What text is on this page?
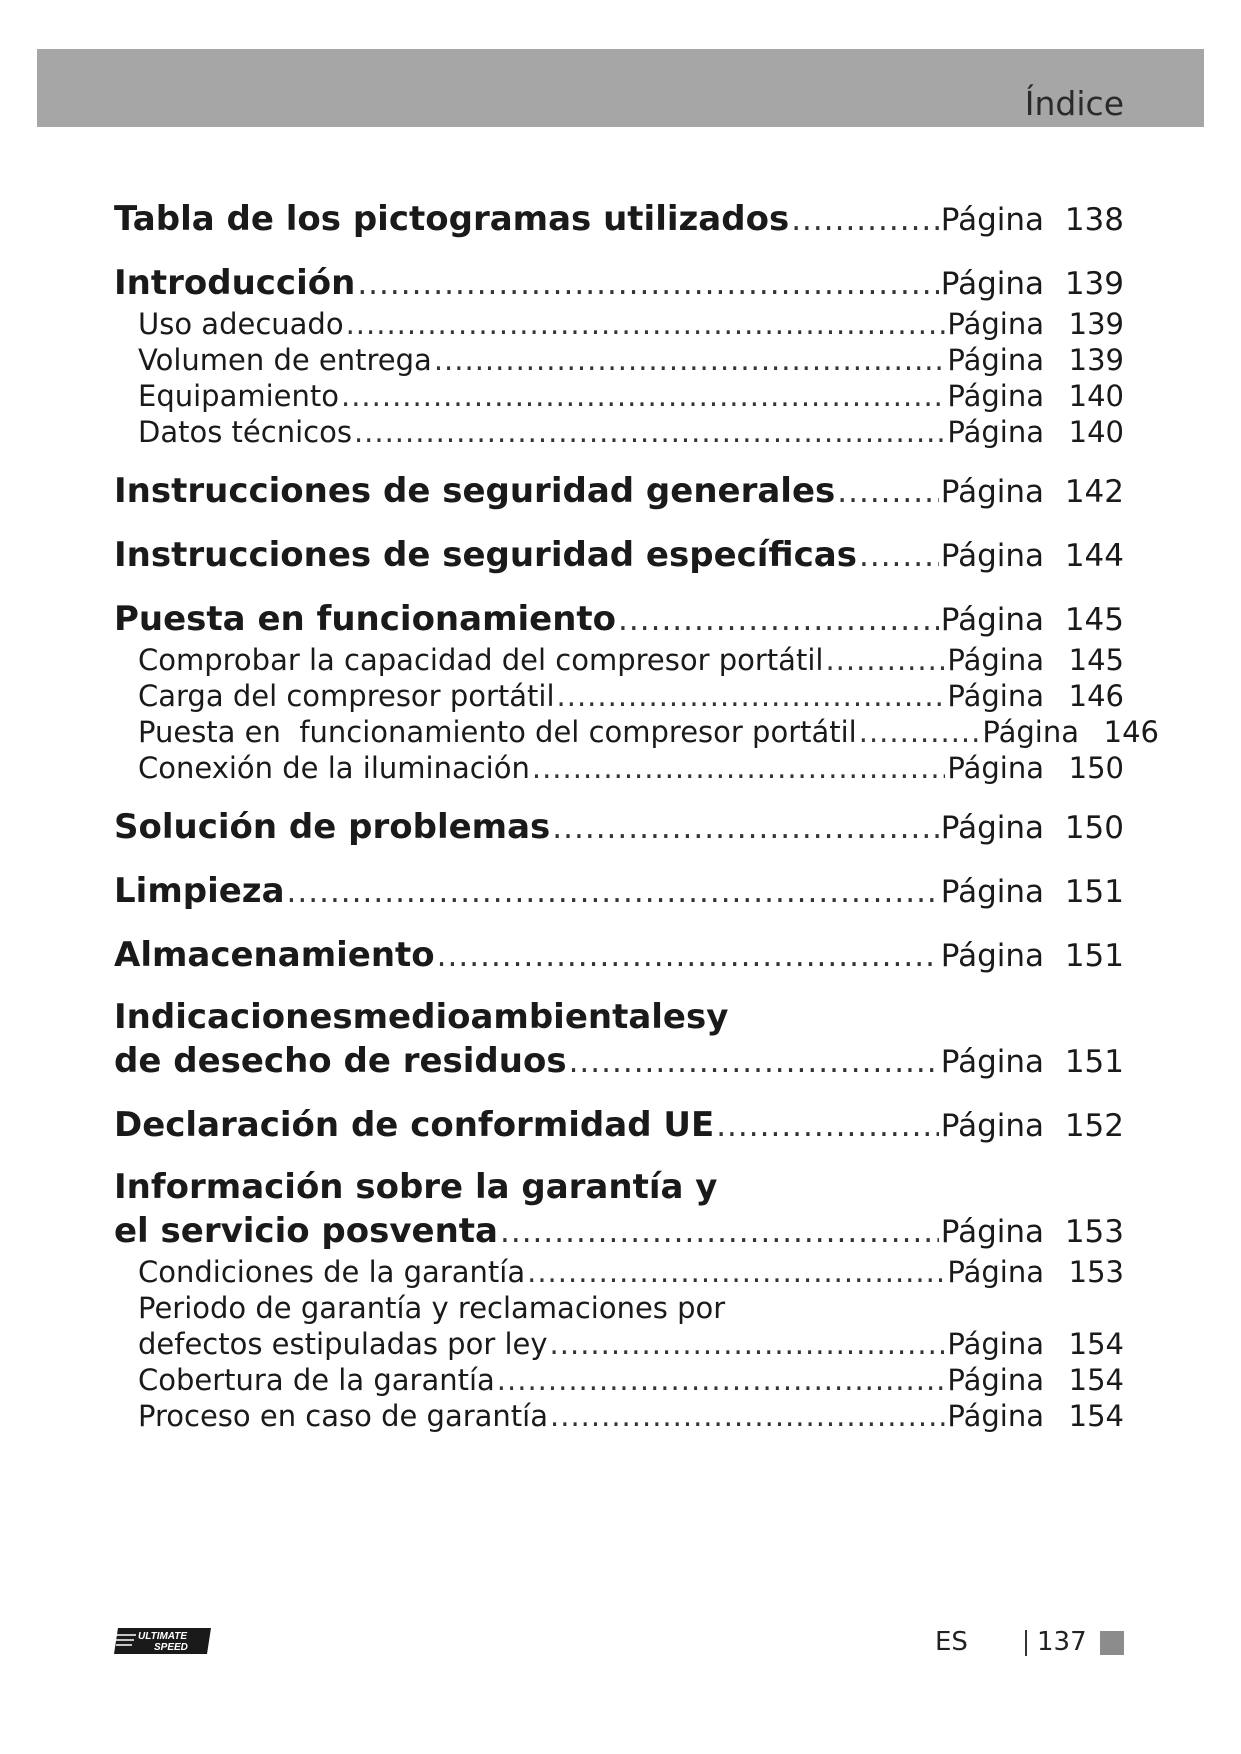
Índice
Tabla de los pictogramas utilizados .....	Página 138
Introducción .....	Página 139
Uso adecuado .....	Página 139
Volumen de entrega .....	Página 139
Equipamiento .....	Página 140
Datos técnicos .....	Página 140
Instrucciones de seguridad generales .....	Página 142
Instrucciones de seguridad específicas .....	Página 144
Puesta en funcionamiento .....	Página 145
Comprobar la capacidad del compresor portátil .....	Página 145
Carga del compresor portátil .....	Página 146
Puesta en  funcionamiento del compresor portátil .....	Página 146
Conexión de la iluminación .....	Página 150
Solución de problemas .....	Página 150
Limpieza .....	Página 151
Almacenamiento .....	Página 151
Indicacionesmedioambientalesy
de desecho de residuos .....	Página 151
Declaración de conformidad UE .....	Página 152
Información sobre la garantía y
el servicio posventa .....	Página 153
Condiciones de la garantía .....	Página 153
Periodo de garantía y reclamaciones por
defectos estipuladas por ley .....	Página 154
Cobertura de la garantía .....	Página 154
Proceso en caso de garantía .....	Página 154
ULTIMATE
SPEED	ES	137
